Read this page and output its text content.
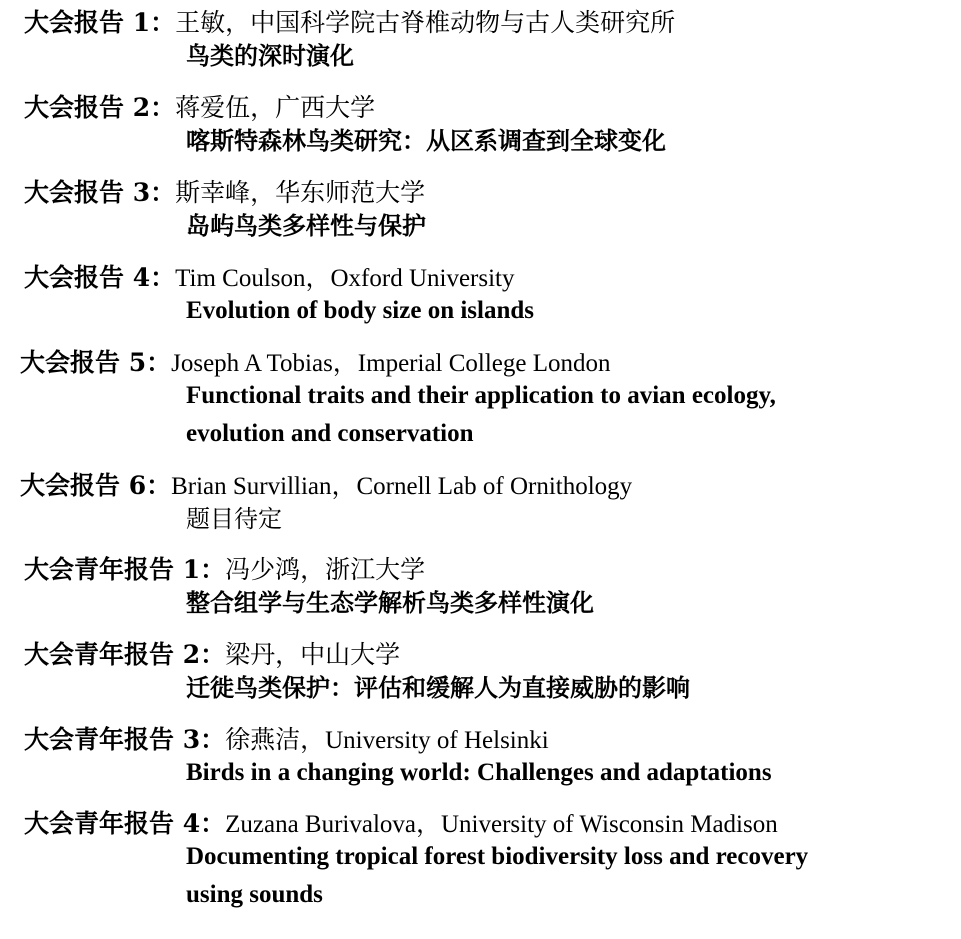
大会报告 1：王敏，中国科学院古脊椎动物与古人类研究所
鸟类的深时演化
大会报告 2：蒋爱伍，广西大学
喀斯特森林鸟类研究：从区系调查到全球变化
大会报告 3：斯幸峰，华东师范大学
岛屿鸟类多样性与保护
大会报告 4：Tim Coulson，Oxford University
Evolution of body size on islands
大会报告 5：Joseph A Tobias，Imperial College London
Functional traits and their application to avian ecology,
evolution and conservation
大会报告 6：Brian Survillian，Cornell Lab of Ornithology
题目待定
大会青年报告 1：冯少鸿，浙江大学
整合组学与生态学解析鸟类多样性演化
大会青年报告 2：梁丹，中山大学
迁徙鸟类保护：评估和缓解人为直接威胁的影响
大会青年报告 3：徐燕洁，University of Helsinki
Birds in a changing world: Challenges and adaptations
大会青年报告 4：Zuzana Burivalova，University of Wisconsin Madison
Documenting tropical forest biodiversity loss and recovery
using sounds
